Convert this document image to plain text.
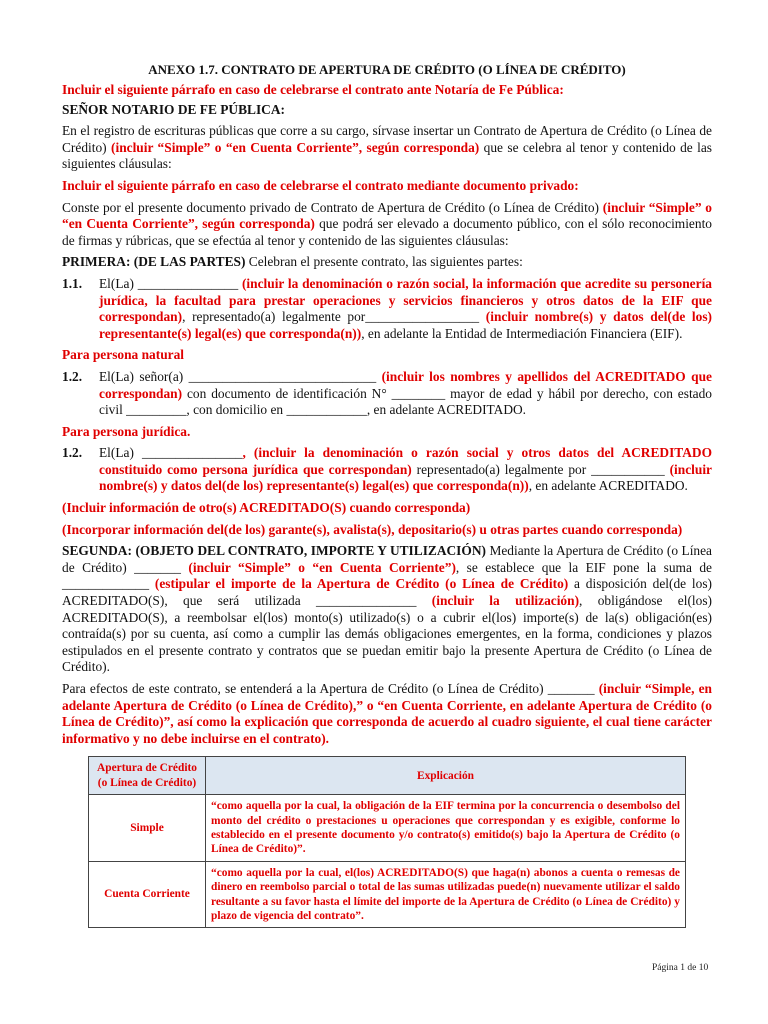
ANEXO 1.7. CONTRATO DE APERTURA DE CRÉDITO (O LÍNEA DE CRÉDITO)

Incluir el siguiente párrafo en caso de celebrarse el contrato ante Notaría de Fe Pública:

SEÑOR NOTARIO DE FE PÚBLICA:

En el registro de escrituras públicas que corre a su cargo, sírvase insertar un Contrato de Apertura de Crédito (o Línea de Crédito) (incluir “Simple” o “en Cuenta Corriente”, según corresponda) que se celebra al tenor y contenido de las siguientes cláusulas:

Incluir el siguiente párrafo en caso de celebrarse el contrato mediante documento privado:

Conste por el presente documento privado de Contrato de Apertura de Crédito (o Línea de Crédito) (incluir “Simple” o “en Cuenta Corriente”, según corresponda) que podrá ser elevado a documento público, con el sólo reconocimiento de firmas y rúbricas, que se efectúa al tenor y contenido de las siguientes cláusulas:

PRIMERA: (DE LAS PARTES) Celebran el presente contrato, las siguientes partes:

1.1.	El(La) _______________ (incluir la denominación o razón social, la información que acredite su personería jurídica, la facultad para prestar operaciones y servicios financieros y otros datos de la EIF que correspondan), representado(a) legalmente por_________________ (incluir nombre(s) y datos del(de los) representante(s) legal(es) que corresponda(n)), en adelante la Entidad de Intermediación Financiera (EIF).

Para persona natural

1.2.	El(La) señor(a) ____________________________ (incluir los nombres y apellidos del ACREDITADO que correspondan) con documento de identificación N° ________ mayor de edad y hábil por derecho, con estado civil _________, con domicilio en ____________, en adelante ACREDITADO.

Para persona jurídica.

1.2.	El(La) _______________, (incluir la denominación o razón social y otros datos del ACREDITADO constituido como persona jurídica que correspondan) representado(a) legalmente por ___________ (incluir nombre(s) y datos del(de los) representante(s) legal(es) que corresponda(n)), en adelante ACREDITADO.

(Incluir información de otro(s) ACREDITADO(S) cuando corresponda)

(Incorporar información del(de los) garante(s), avalista(s), depositario(s) u otras partes cuando corresponda)

SEGUNDA: (OBJETO DEL CONTRATO, IMPORTE Y UTILIZACIÓN) Mediante la Apertura de Crédito (o Línea de Crédito) _______ (incluir “Simple” o “en Cuenta Corriente”), se establece que la EIF pone la suma de _____________ (estipular el importe de la Apertura de Crédito (o Línea de Crédito) a disposición del(de los) ACREDITADO(S), que será utilizada _______________ (incluir la utilización), obligándose el(los) ACREDITADO(S), a reembolsar el(los) monto(s) utilizado(s) o a cubrir el(los) importe(s) de la(s) obligación(es) contraída(s) por su cuenta, así como a cumplir las demás obligaciones emergentes, en la forma, condiciones y plazos estipulados en el presente contrato y contratos que se puedan emitir bajo la presente Apertura de Crédito (o Línea de Crédito).

Para efectos de este contrato, se entenderá a la Apertura de Crédito (o Línea de Crédito) _______ (incluir “Simple, en adelante Apertura de Crédito (o Línea de Crédito),” o “en Cuenta Corriente, en adelante Apertura de Crédito (o Línea de Crédito)”, así como la explicación que corresponda de acuerdo al cuadro siguiente, el cual tiene carácter informativo y no debe incluirse en el contrato).

Apertura de Crédito (o Línea de Crédito)	Explicación
Simple	“como aquella por la cual, la obligación de la EIF termina por la concurrencia o desembolso del monto del crédito o prestaciones u operaciones que correspondan y es exigible, conforme lo establecido en el presente documento y/o contrato(s) emitido(s) bajo la Apertura de Crédito (o Línea de Crédito)”.
Cuenta Corriente	“como aquella por la cual, el(los) ACREDITADO(S) que haga(n) abonos a cuenta o remesas de dinero en reembolso parcial o total de las sumas utilizadas puede(n) nuevamente utilizar el saldo resultante a su favor hasta el límite del importe de la Apertura de Crédito (o Línea de Crédito) y plazo de vigencia del contrato”.
Página 1 de 10
